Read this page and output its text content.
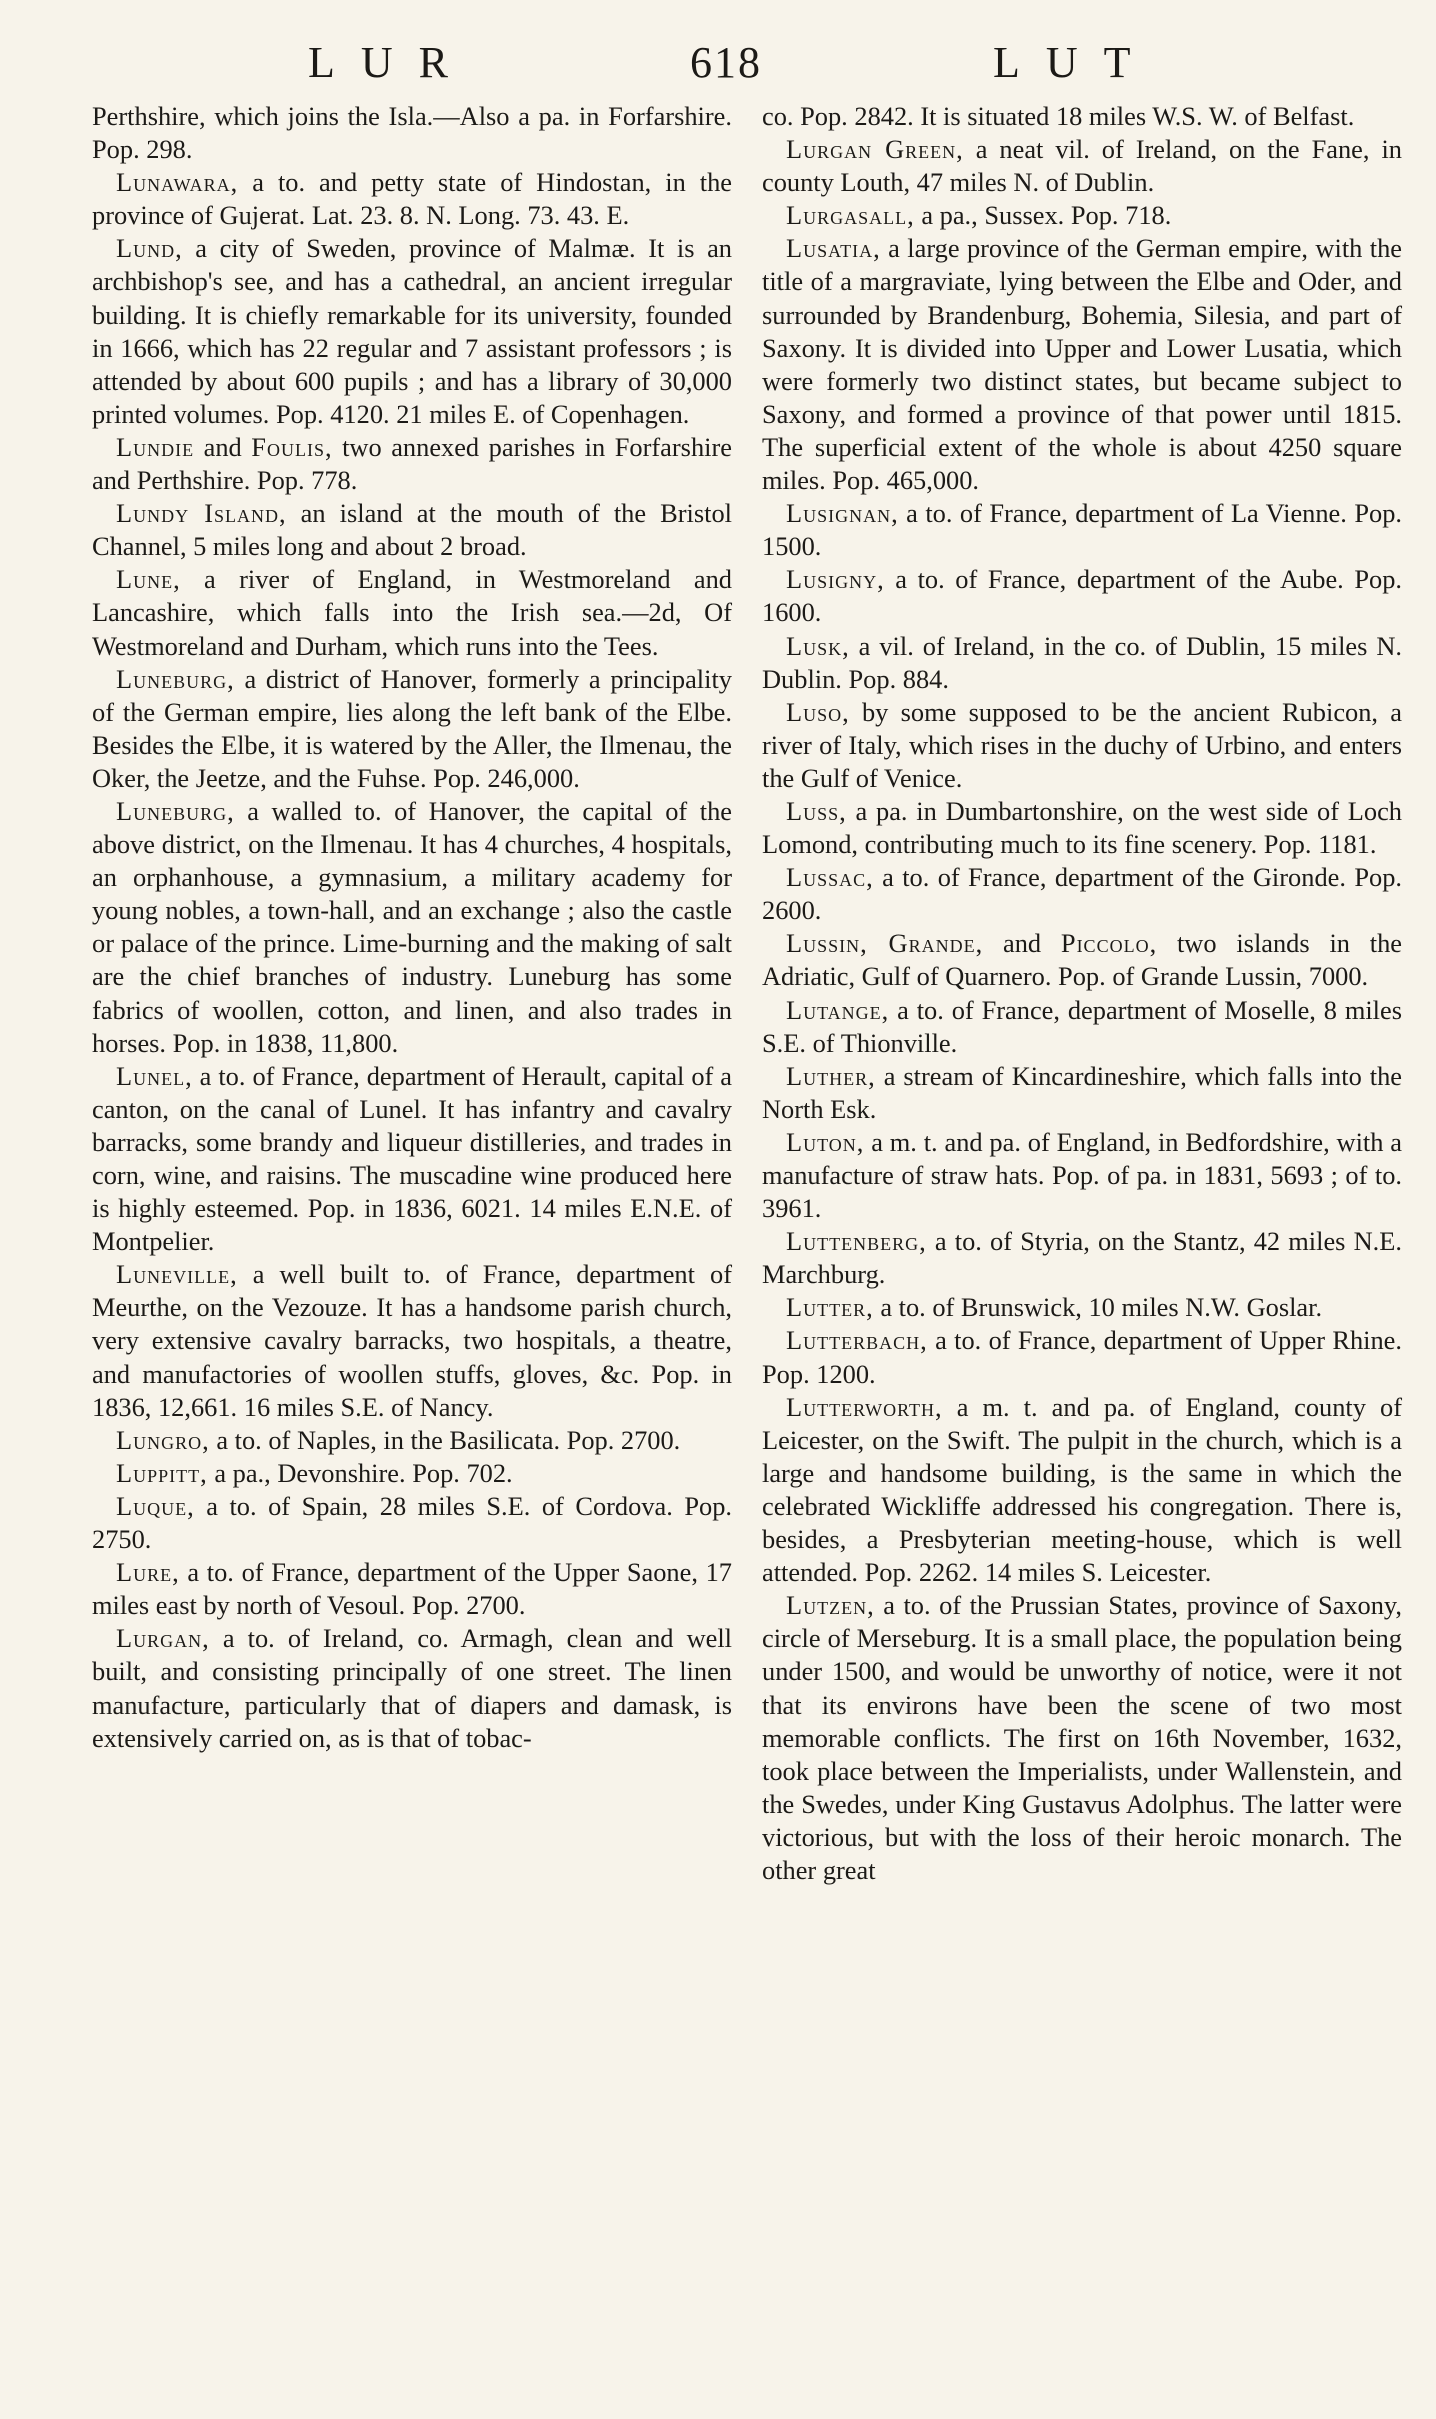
LUR	618	LUT

Perthshire, which joins the Isla.—Also a pa. in Forfarshire. Pop. 298.

Lunawara, a to. and petty state of Hindostan, in the province of Gujerat. Lat. 23. 8. N. Long. 73. 43. E.

Lund, a city of Sweden, province of Malmæ. It is an archbishop's see, and has a cathedral, an ancient irregular building. It is chiefly remarkable for its university, founded in 1666, which has 22 regular and 7 assistant professors ; is attended by about 600 pupils ; and has a library of 30,000 printed volumes. Pop. 4120. 21 miles E. of Copenhagen.

Lundie and Foulis, two annexed parishes in Forfarshire and Perthshire. Pop. 778.

Lundy Island, an island at the mouth of the Bristol Channel, 5 miles long and about 2 broad.

Lune, a river of England, in Westmoreland and Lancashire, which falls into the Irish sea.—2d, Of Westmoreland and Durham, which runs into the Tees.

Luneburg, a district of Hanover, formerly a principality of the German empire, lies along the left bank of the Elbe. Besides the Elbe, it is watered by the Aller, the Ilmenau, the Oker, the Jeetze, and the Fuhse. Pop. 246,000.

Luneburg, a walled to. of Hanover, the capital of the above district, on the Ilmenau. It has 4 churches, 4 hospitals, an orphanhouse, a gymnasium, a military academy for young nobles, a town-hall, and an exchange ; also the castle or palace of the prince. Lime-burning and the making of salt are the chief branches of industry. Luneburg has some fabrics of woollen, cotton, and linen, and also trades in horses. Pop. in 1838, 11,800.

Lunel, a to. of France, department of Herault, capital of a canton, on the canal of Lunel. It has infantry and cavalry barracks, some brandy and liqueur distilleries, and trades in corn, wine, and raisins. The muscadine wine produced here is highly esteemed. Pop. in 1836, 6021. 14 miles E.N.E. of Montpelier.

Luneville, a well built to. of France, department of Meurthe, on the Vezouze. It has a handsome parish church, very extensive cavalry barracks, two hospitals, a theatre, and manufactories of woollen stuffs, gloves, &c. Pop. in 1836, 12,661. 16 miles S.E. of Nancy.

Lungro, a to. of Naples, in the Basilicata. Pop. 2700.

Luppitt, a pa., Devonshire. Pop. 702.

Luque, a to. of Spain, 28 miles S.E. of Cordova. Pop. 2750.

Lure, a to. of France, department of the Upper Saone, 17 miles east by north of Vesoul. Pop. 2700.

Lurgan, a to. of Ireland, co. Armagh, clean and well built, and consisting principally of one street. The linen manufacture, particularly that of diapers and damask, is extensively carried on, as is that of tobac-

co. Pop. 2842. It is situated 18 miles W.S. W. of Belfast.

Lurgan Green, a neat vil. of Ireland, on the Fane, in county Louth, 47 miles N. of Dublin.

Lurgasall, a pa., Sussex. Pop. 718.

Lusatia, a large province of the German empire, with the title of a margraviate, lying between the Elbe and Oder, and surrounded by Brandenburg, Bohemia, Silesia, and part of Saxony. It is divided into Upper and Lower Lusatia, which were formerly two distinct states, but became subject to Saxony, and formed a province of that power until 1815. The superficial extent of the whole is about 4250 square miles. Pop. 465,000.

Lusignan, a to. of France, department of La Vienne. Pop. 1500.

Lusigny, a to. of France, department of the Aube. Pop. 1600.

Lusk, a vil. of Ireland, in the co. of Dublin, 15 miles N. Dublin. Pop. 884.

Luso, by some supposed to be the ancient Rubicon, a river of Italy, which rises in the duchy of Urbino, and enters the Gulf of Venice.

Luss, a pa. in Dumbartonshire, on the west side of Loch Lomond, contributing much to its fine scenery. Pop. 1181.

Lussac, a to. of France, department of the Gironde. Pop. 2600.

Lussin, Grande, and Piccolo, two islands in the Adriatic, Gulf of Quarnero. Pop. of Grande Lussin, 7000.

Lutange, a to. of France, department of Moselle, 8 miles S.E. of Thionville.

Luther, a stream of Kincardineshire, which falls into the North Esk.

Luton, a m. t. and pa. of England, in Bedfordshire, with a manufacture of straw hats. Pop. of pa. in 1831, 5693 ; of to. 3961.

Luttenberg, a to. of Styria, on the Stantz, 42 miles N.E. Marchburg.

Lutter, a to. of Brunswick, 10 miles N.W. Goslar.

Lutterbach, a to. of France, department of Upper Rhine. Pop. 1200.

Lutterworth, a m. t. and pa. of England, county of Leicester, on the Swift. The pulpit in the church, which is a large and handsome building, is the same in which the celebrated Wickliffe addressed his congregation. There is, besides, a Presbyterian meeting-house, which is well attended. Pop. 2262. 14 miles S. Leicester.

Lutzen, a to. of the Prussian States, province of Saxony, circle of Merseburg. It is a small place, the population being under 1500, and would be unworthy of notice, were it not that its environs have been the scene of two most memorable conflicts. The first on 16th November, 1632, took place between the Imperialists, under Wallenstein, and the Swedes, under King Gustavus Adolphus. The latter were victorious, but with the loss of their heroic monarch. The other great
